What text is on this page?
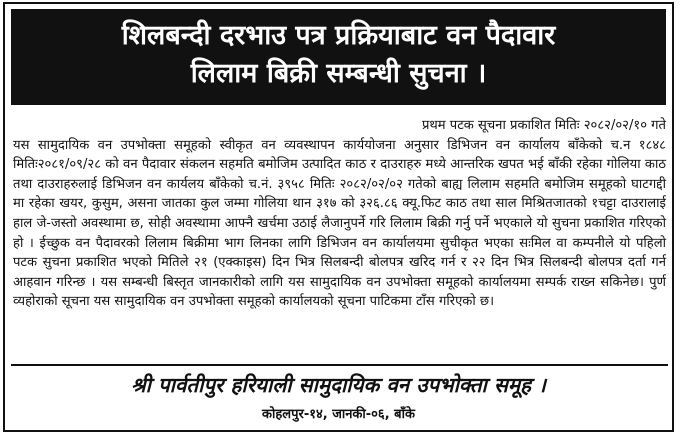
शिलबन्दी दरभाउ पत्र प्रक्रियाबाट वन पैदावार
लिलाम बिक्री सम्बन्धी सुचना ।
प्रथम पटक सूचना प्रकाशित मितिः २०८२/०२/१० गते
यस सामुदायिक वन उपभोक्ता समूहको स्वीकृत वन व्यवस्थापन कार्ययोजना अनुसार डिभिजन वन कार्यालय बाँकेको च.न १८४८ मितिः२०८१/०९/२८ को वन पैदावार संकलन सहमति बमोजिम उत्पादित काठ र दाउराहरु मध्ये आन्तरिक खपत भई बाँकी रहेका गोलिया काठ तथा दाउराहरुलाई डिभिजन वन कार्यलय बाँकेको च.नं. ३९५८ मितिः २०८२/०२/०२ गतेको बाह्य लिलाम सहमति बमोजिम समूहको घाटगद्दी मा रहेका खयर, कुसुम, असना जातका कुल जम्मा गोलिया थान ३१७ को ३२६.८६ क्यू.फिट काठ तथा साल मिश्रितजातको १चट्टा दाउरालाई हाल जे-जस्तो अवस्थामा छ, सोही अवस्थामा आफ्नै खर्चमा उठाई लैजानुपर्ने गरि लिलाम बिक्री गर्नु पर्ने भएकाले यो सुचना प्रकाशित गरिएको हो । ईच्छुक वन पैदावरको लिलाम बिक्रीमा भाग लिनका लागि डिभिजन वन कार्यालयमा सुचीकृत भएका सःमिल वा कम्पनीले यो पहिलो पटक सुचना प्रकाशित भएको मितिले २१ (एक्काइस) दिन भित्र सिलबन्दी बोलपत्र खरिद गर्न र २२ दिन भित्र सिलबन्दी बोलपत्र दर्ता गर्न आहवान गरिन्छ । यस सम्बन्धी बिस्तृत जानकारीको लागि यस सामुदायिक वन उपभोक्ता समूहको कार्यालयमा सम्पर्क राख्न सकिनेछ। पुर्ण व्यहोराको सूचना यस सामुदायिक वन उपभोक्ता समूहको कार्यालयको सूचना पाटिकमा टाँस गरिएको छ।
श्री पार्वतीपुर हरियाली सामुदायिक वन उपभोक्ता समूह ।
कोहलपुर-१४, जानकी-०६, बाँके
